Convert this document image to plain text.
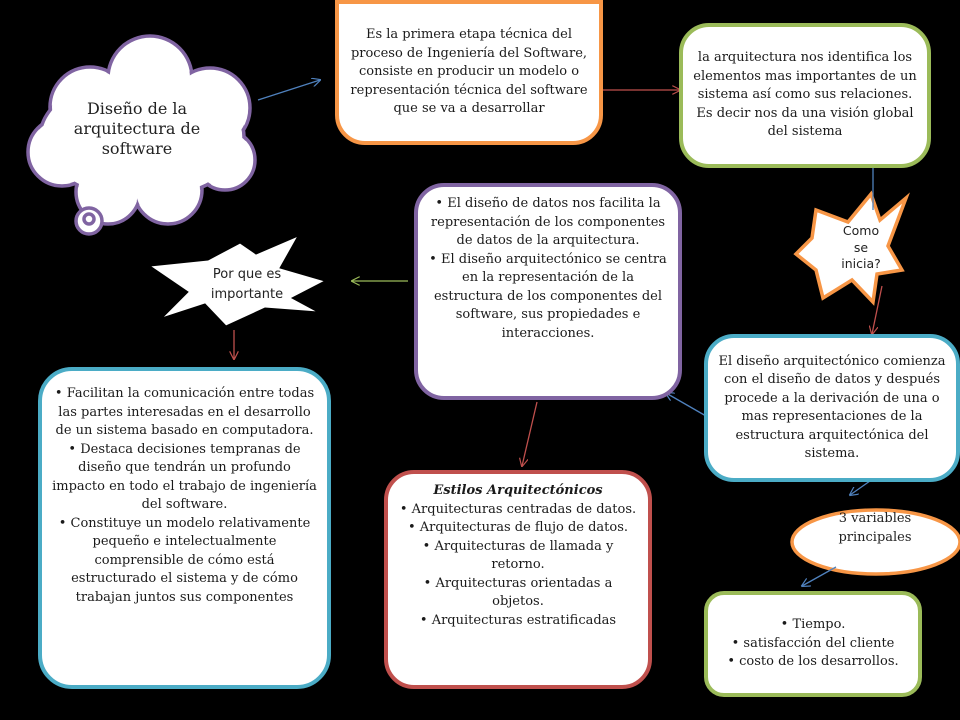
Diseño de la
arquitectura de
software

Es la primera etapa técnica del proceso de Ingeniería del Software, consiste en producir un modelo o representación técnica del software que se va a desarrollar

la arquitectura nos identifica los elementos mas importantes de un sistema así como sus relaciones. Es decir nos da una visión global del sistema

Como
se
inicia?
Por que es
importante

• El diseño de datos nos facilita la representación de los componentes de datos de la arquitectura.

• El diseño arquitectónico se centra en la representación de la estructura de los componentes del software, sus propiedades e interacciones.

El diseño arquitectónico comienza con el diseño de datos y después procede a la derivación de una o mas representaciones de la estructura arquitectónica del sistema.

• Facilitan la comunicación entre todas las partes interesadas en el desarrollo de un sistema basado en computadora.

• Destaca decisiones tempranas de diseño que tendrán un profundo impacto en todo el trabajo de ingeniería del software.

• Constituye un modelo relativamente pequeño e intelectualmente comprensible de cómo está estructurado el sistema y de cómo trabajan juntos sus componentes

Estilos Arquitectónicos

• Arquitecturas centradas de datos.

• Arquitecturas de flujo de datos.

• Arquitecturas de llamada y retorno.

• Arquitecturas orientadas a objetos.

• Arquitecturas estratificadas

3 variables
principales

• Tiempo.

• satisfacción del cliente

• costo de los desarrollos.
